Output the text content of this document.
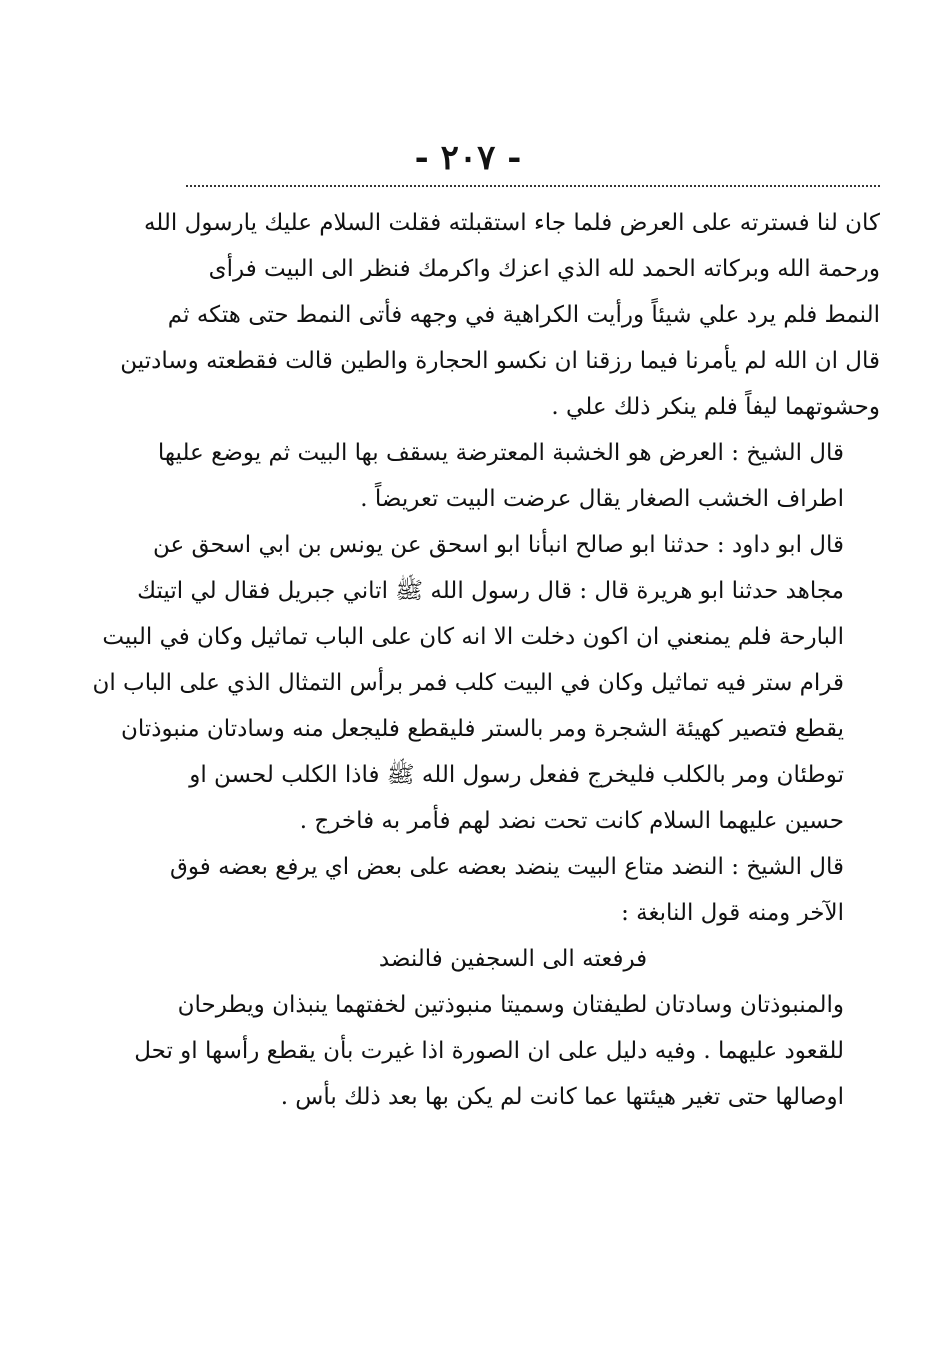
- ٢٠٧ -

كان لنا فسترته على العرض فلما جاء استقبلته فقلت السلام عليك يارسول الله
ورحمة الله وبركاته الحمد لله الذي اعزك واكرمك فنظر الى البيت فرأى
النمط فلم يرد علي شيئاً ورأيت الكراهية في وجهه فأتى النمط حتى هتكه ثم
قال ان الله لم يأمرنا فيما رزقنا ان نكسو الحجارة والطين قالت فقطعته وسادتين
وحشوتهما ليفاً فلم ينكر ذلك علي .

قال الشيخ : العرض هو الخشبة المعترضة يسقف بها البيت ثم يوضع عليها
اطراف الخشب الصغار يقال عرضت البيت تعريضاً .

قال ابو داود : حدثنا ابو صالح انبأنا ابو اسحق عن يونس بن ابي اسحق عن
مجاهد حدثنا ابو هريرة قال : قال رسول الله ﷺ اتاني جبريل فقال لي اتيتك
البارحة فلم يمنعني ان اكون دخلت الا انه كان على الباب تماثيل وكان في البيت
قرام ستر فيه تماثيل وكان في البيت كلب فمر برأس التمثال الذي على الباب ان
يقطع فتصير كهيئة الشجرة ومر بالستر فليقطع فليجعل منه وسادتان منبوذتان
توطئان ومر بالكلب فليخرج ففعل رسول الله ﷺ فاذا الكلب لحسن او
حسين عليهما السلام كانت تحت نضد لهم فأمر به فاخرج .

قال الشيخ : النضد متاع البيت ينضد بعضه على بعض اي يرفع بعضه فوق
الآخر ومنه قول النابغة :

فرفعته الى السجفين فالنضد

والمنبوذتان وسادتان لطيفتان وسميتا منبوذتين لخفتهما ينبذان ويطرحان
للقعود عليهما . وفيه دليل على ان الصورة اذا غيرت بأن يقطع رأسها او تحل
اوصالها حتى تغير هيئتها عما كانت لم يكن بها بعد ذلك بأس .
